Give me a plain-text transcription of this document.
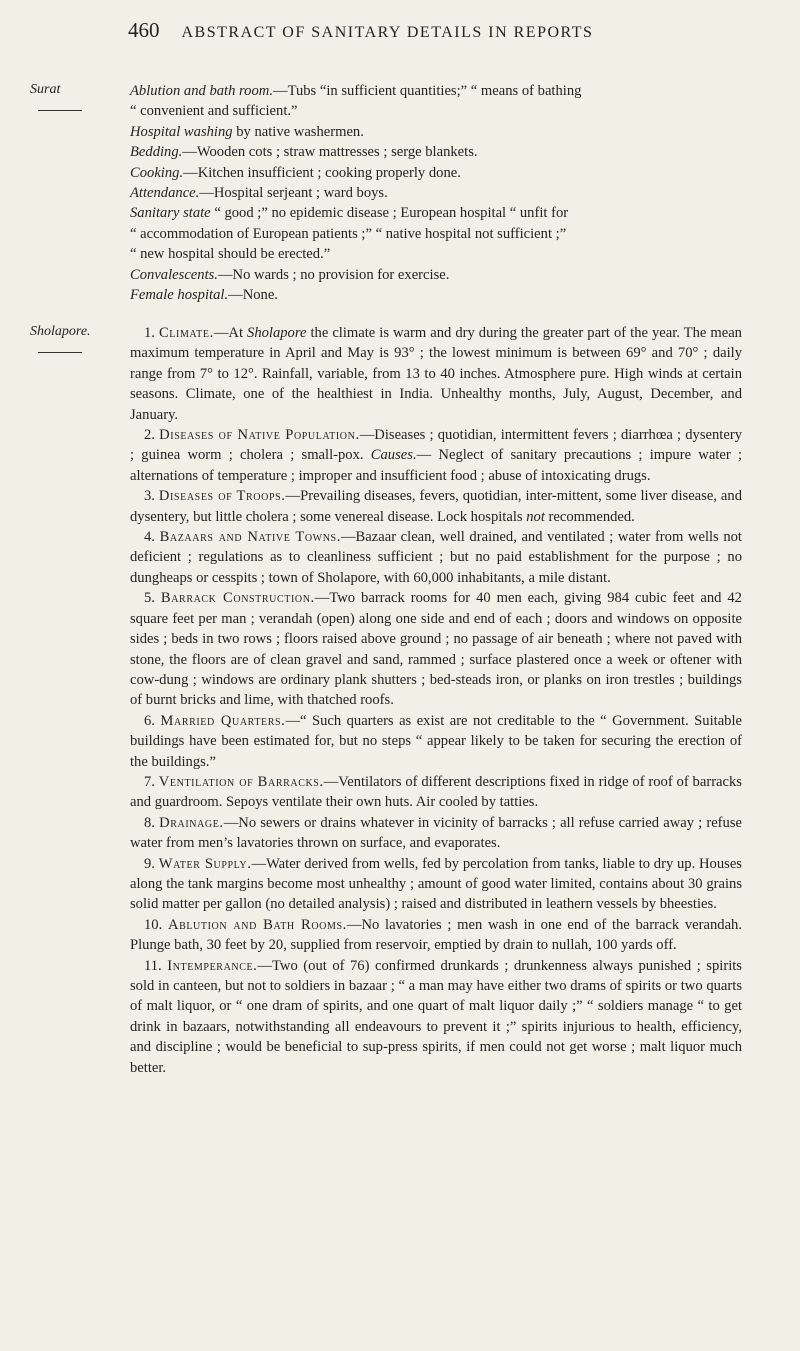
460 ABSTRACT OF SANITARY DETAILS IN REPORTS
Surat	Ablution and bath room.—Tubs “in sufficient quantities;” “ means of bathing
“ convenient and sufficient.”
Hospital washing by native washermen.
Bedding.—Wooden cots ; straw mattresses ; serge blankets.
Cooking.—Kitchen insufficient ; cooking properly done.
Attendance.—Hospital serjeant ; ward boys.
Sanitary state “ good ;” no epidemic disease ; European hospital “ unfit for
“ accommodation of European patients ;” “ native hospital not sufficient ;”
“ new hospital should be erected.”
Convalescents.—No wards ; no provision for exercise.
Female hospital.—None.
Sholapore.	1. Climate.—At Sholapore the climate is warm and dry during the greater part of the year. The mean maximum temperature in April and May is 93° ; the lowest minimum is between 69° and 70° ; daily range from 7° to 12°. Rainfall, variable, from 13 to 40 inches. Atmosphere pure. High winds at certain seasons. Climate, one of the healthiest in India. Unhealthy months, July, August, December, and January.

2. Diseases of Native Population.—Diseases ; quotidian, intermittent fevers ; diarrhœa ; dysentery ; guinea worm ; cholera ; small-pox. Causes.— Neglect of sanitary precautions ; impure water ; alternations of temperature ; improper and insufficient food ; abuse of intoxicating drugs.

3. Diseases of Troops.—Prevailing diseases, fevers, quotidian, inter-mittent, some liver disease, and dysentery, but little cholera ; some venereal disease. Lock hospitals not recommended.

4. Bazaars and Native Towns.—Bazaar clean, well drained, and ventilated ; water from wells not deficient ; regulations as to cleanliness sufficient ; but no paid establishment for the purpose ; no dungheaps or cesspits ; town of Sholapore, with 60,000 inhabitants, a mile distant.

5. Barrack Construction.—Two barrack rooms for 40 men each, giving 984 cubic feet and 42 square feet per man ; verandah (open) along one side and end of each ; doors and windows on opposite sides ; beds in two rows ; floors raised above ground ; no passage of air beneath ; where not paved with stone, the floors are of clean gravel and sand, rammed ; surface plastered once a week or oftener with cow-dung ; windows are ordinary plank shutters ; bed-steads iron, or planks on iron trestles ; buildings of burnt bricks and lime, with thatched roofs.

6. Married Quarters.—“ Such quarters as exist are not creditable to the “ Government. Suitable buildings have been estimated for, but no steps “ appear likely to be taken for securing the erection of the buildings.”

7. Ventilation of Barracks.—Ventilators of different descriptions fixed in ridge of roof of barracks and guardroom. Sepoys ventilate their own huts. Air cooled by tatties.

8. Drainage.—No sewers or drains whatever in vicinity of barracks ; all refuse carried away ; refuse water from men’s lavatories thrown on surface, and evaporates.

9. Water Supply.—Water derived from wells, fed by percolation from tanks, liable to dry up. Houses along the tank margins become most unhealthy ; amount of good water limited, contains about 30 grains solid matter per gallon (no detailed analysis) ; raised and distributed in leathern vessels by bheesties.

10. Ablution and Bath Rooms.—No lavatories ; men wash in one end of the barrack verandah. Plunge bath, 30 feet by 20, supplied from reservoir, emptied by drain to nullah, 100 yards off.

11. Intemperance.—Two (out of 76) confirmed drunkards ; drunkenness always punished ; spirits sold in canteen, but not to soldiers in bazaar ; “ a man may have either two drams of spirits or two quarts of malt liquor, or “ one dram of spirits, and one quart of malt liquor daily ;” “ soldiers manage “ to get drink in bazaars, notwithstanding all endeavours to prevent it ;” spirits injurious to health, efficiency, and discipline ; would be beneficial to sup-press spirits, if men could not get worse ; malt liquor much better.
